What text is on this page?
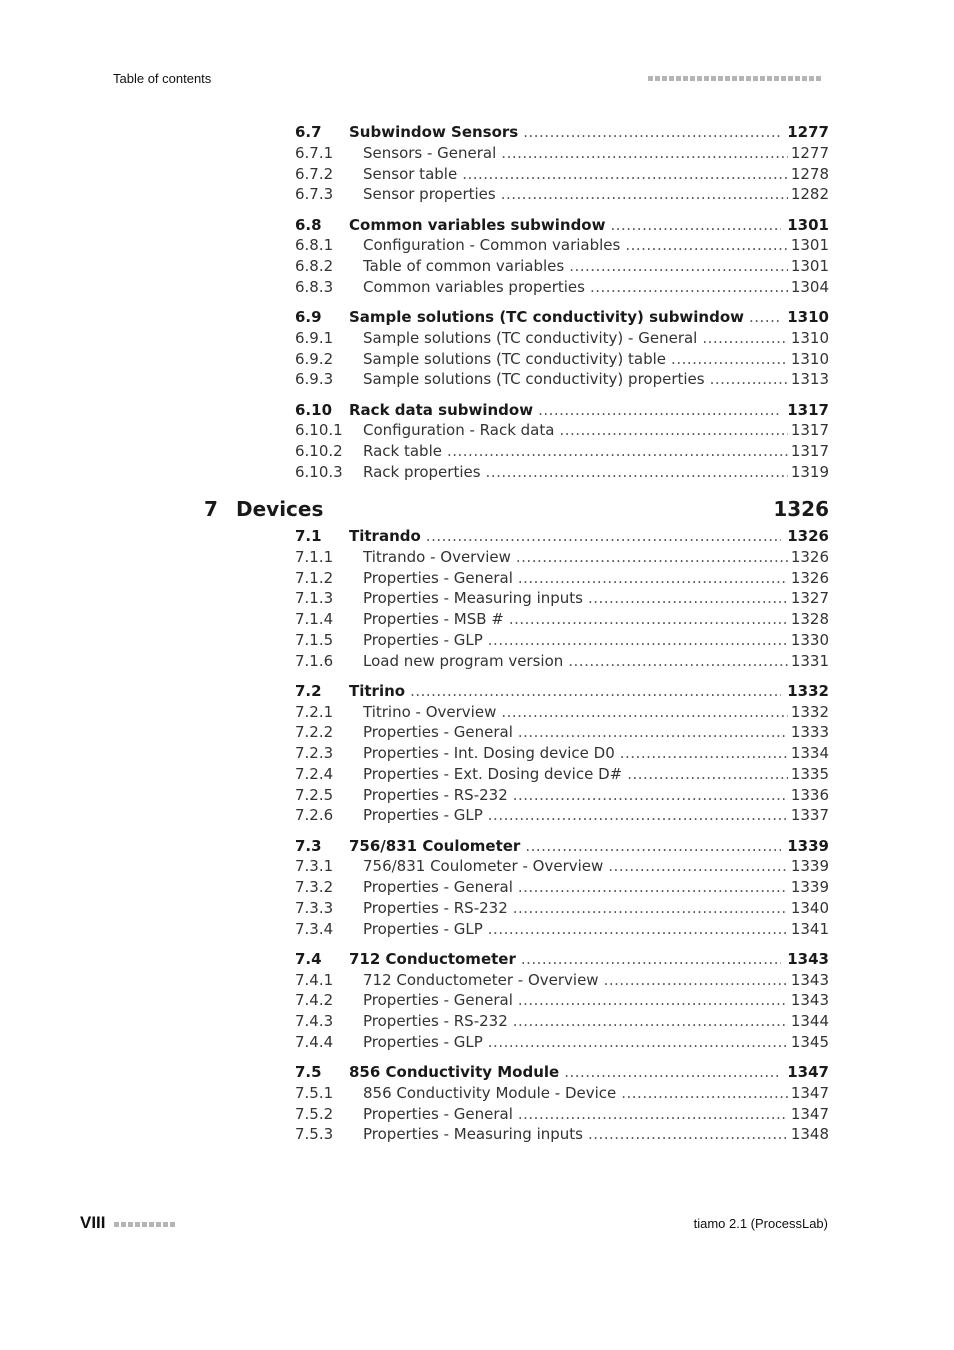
Table of contents
6.7 Subwindow Sensors .....	1277
6.7.1 Sensors - General .....	1277
6.7.2 Sensor table .....	1278
6.7.3 Sensor properties .....	1282
6.8 Common variables subwindow .....	1301
6.8.1 Configuration - Common variables .....	1301
6.8.2 Table of common variables .....	1301
6.8.3 Common variables properties .....	1304
6.9 Sample solutions (TC conductivity) subwindow .....	1310
6.9.1 Sample solutions (TC conductivity) - General .....	1310
6.9.2 Sample solutions (TC conductivity) table .....	1310
6.9.3 Sample solutions (TC conductivity) properties .....	1313
6.10 Rack data subwindow .....	1317
6.10.1 Configuration - Rack data .....	1317
6.10.2 Rack table .....	1317
6.10.3 Rack properties .....	1319
7 Devices	1326
7.1 Titrando .....	1326
7.1.1 Titrando - Overview .....	1326
7.1.2 Properties - General .....	1326
7.1.3 Properties - Measuring inputs .....	1327
7.1.4 Properties - MSB # .....	1328
7.1.5 Properties - GLP .....	1330
7.1.6 Load new program version .....	1331
7.2 Titrino .....	1332
7.2.1 Titrino - Overview .....	1332
7.2.2 Properties - General .....	1333
7.2.3 Properties - Int. Dosing device D0 .....	1334
7.2.4 Properties - Ext. Dosing device D# .....	1335
7.2.5 Properties - RS-232 .....	1336
7.2.6 Properties - GLP .....	1337
7.3 756/831 Coulometer .....	1339
7.3.1 756/831 Coulometer - Overview .....	1339
7.3.2 Properties - General .....	1339
7.3.3 Properties - RS-232 .....	1340
7.3.4 Properties - GLP .....	1341
7.4 712 Conductometer .....	1343
7.4.1 712 Conductometer - Overview .....	1343
7.4.2 Properties - General .....	1343
7.4.3 Properties - RS-232 .....	1344
7.4.4 Properties - GLP .....	1345
7.5 856 Conductivity Module .....	1347
7.5.1 856 Conductivity Module - Device .....	1347
7.5.2 Properties - General .....	1347
7.5.3 Properties - Measuring inputs .....	1348
VIII	tiamo 2.1 (ProcessLab)
